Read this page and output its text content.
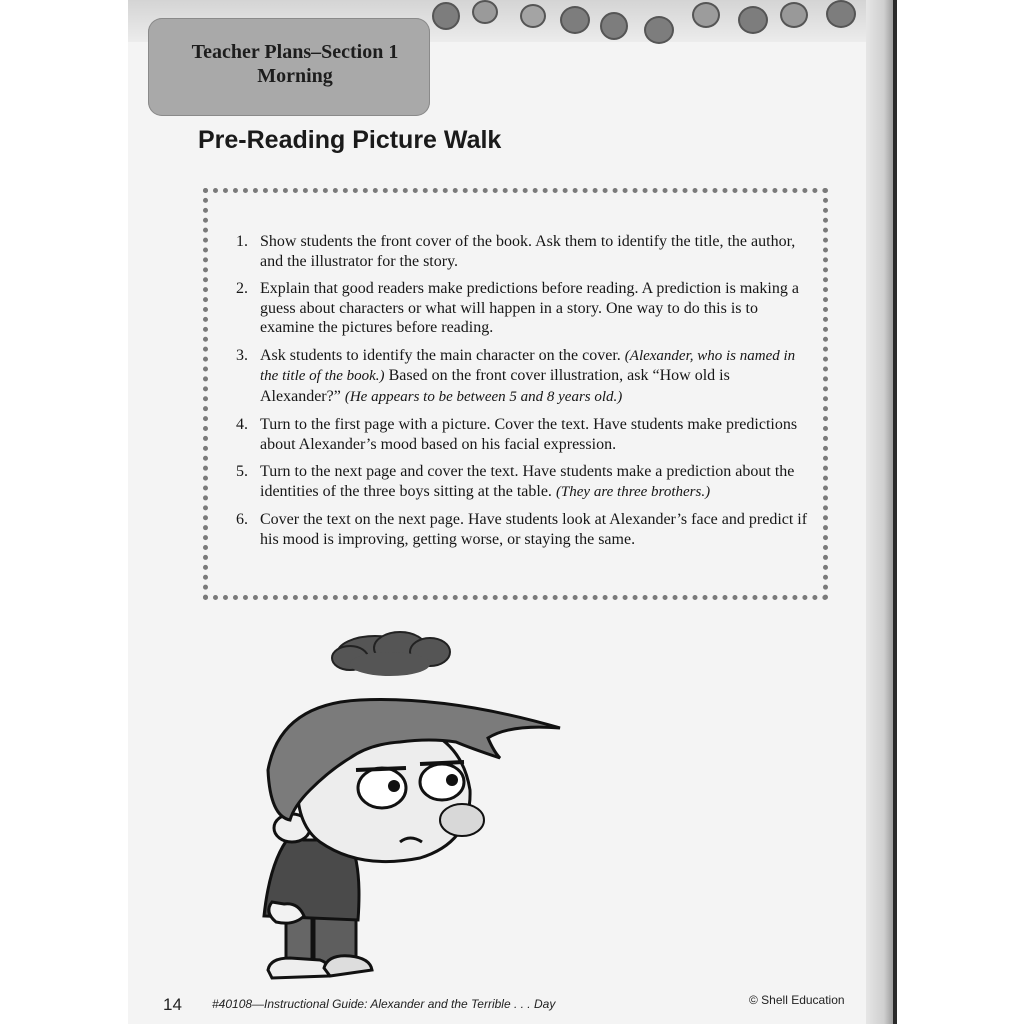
Teacher Plans–Section 1
Morning
Pre-Reading Picture Walk
1. Show students the front cover of the book. Ask them to identify the title, the author, and the illustrator for the story.
2. Explain that good readers make predictions before reading. A prediction is making a guess about characters or what will happen in a story. One way to do this is to examine the pictures before reading.
3. Ask students to identify the main character on the cover. (Alexander, who is named in the title of the book.) Based on the front cover illustration, ask “How old is Alexander?” (He appears to be between 5 and 8 years old.)
4. Turn to the first page with a picture. Cover the text. Have students make predictions about Alexander’s mood based on his facial expression.
5. Turn to the next page and cover the text. Have students make a prediction about the identities of the three boys sitting at the table. (They are three brothers.)
6. Cover the text on the next page. Have students look at Alexander’s face and predict if his mood is improving, getting worse, or staying the same.
14	#40108—Instructional Guide: Alexander and the Terrible . . . Day	© Shell Education
